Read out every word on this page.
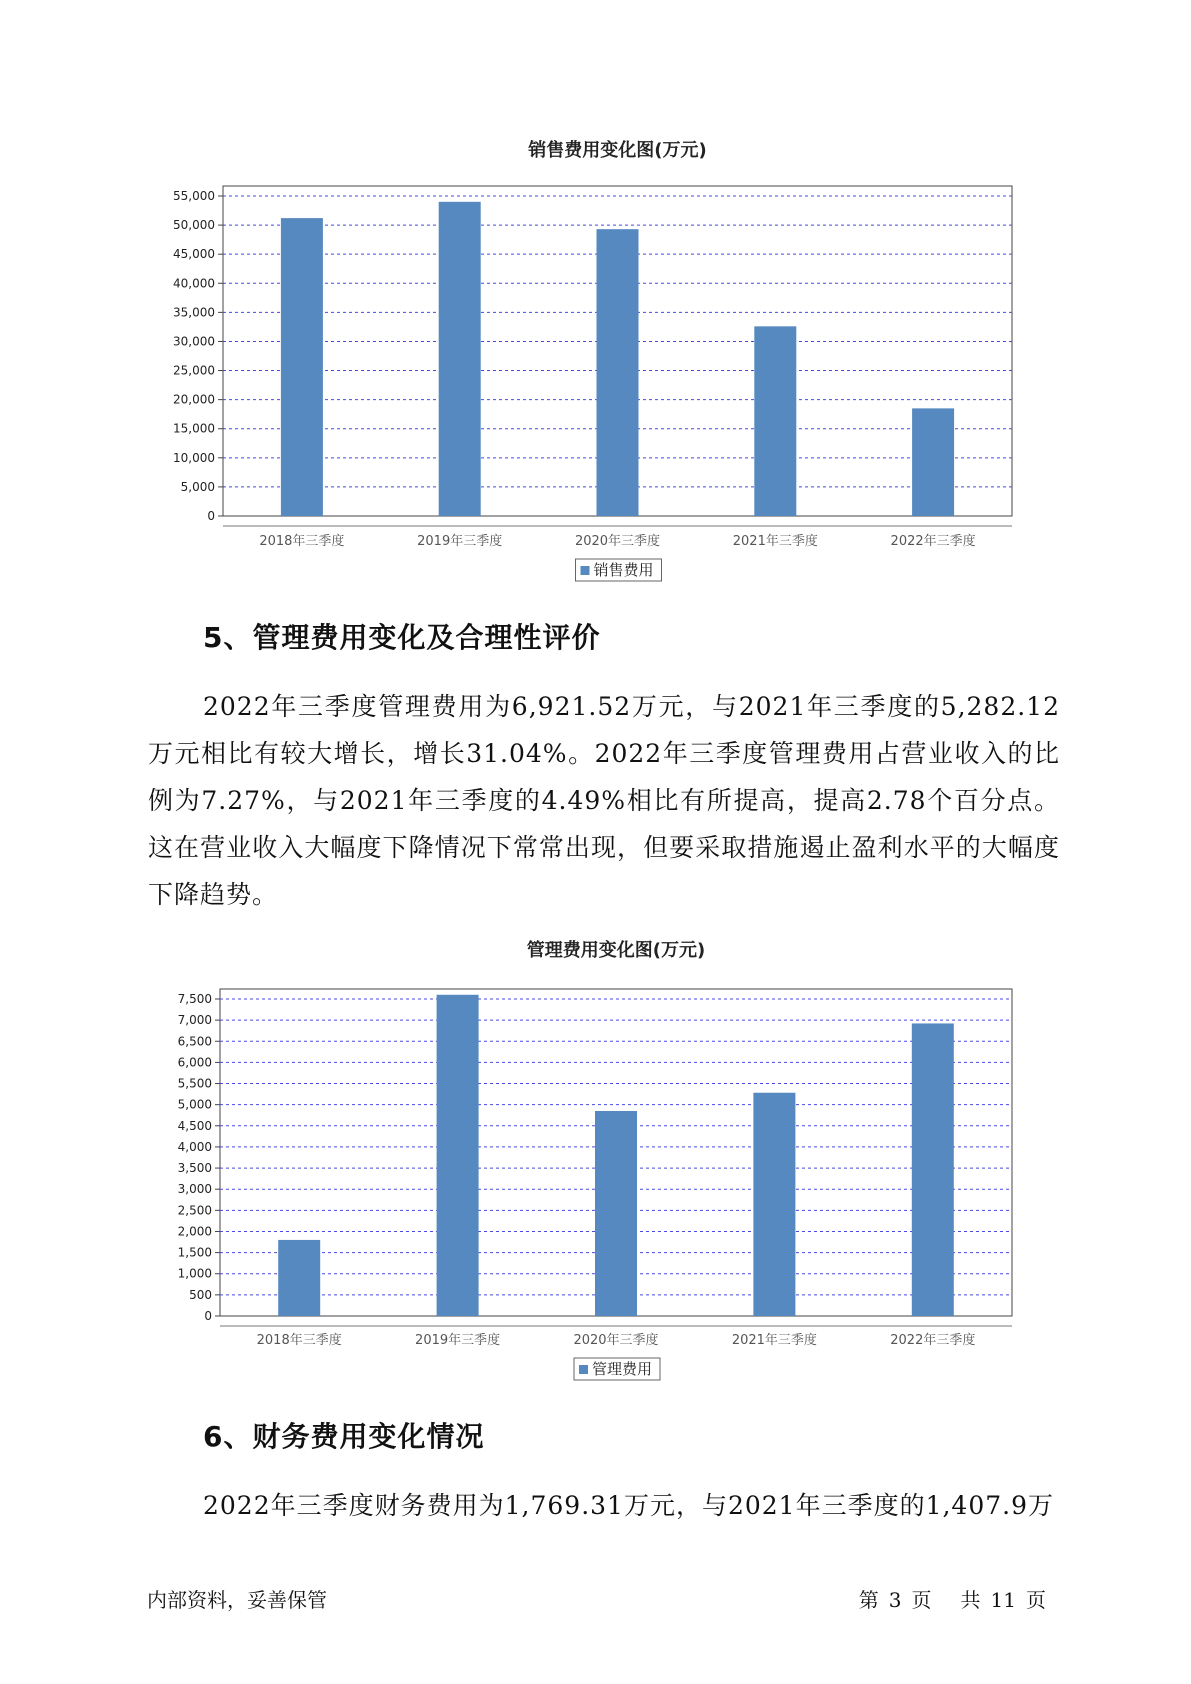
销售费用变化图(万元)
0
5,000
10,000
15,000
20,000
25,000
30,000
35,000
40,000
45,000
50,000
55,000
2018年三季度	2019年三季度	2020年三季度	2021年三季度	2022年三季度
销售费用
5、管理费用变化及合理性评价

2022年三季度管理费用为6,921.52万元，与2021年三季度的5,282.12万元相比有较大增长，增长31.04%。2022年三季度管理费用占营业收入的比例为7.27%，与2021年三季度的4.49%相比有所提高，提高2.78个百分点。这在营业收入大幅度下降情况下常常出现，但要采取措施遏止盈利水平的大幅度下降趋势。

管理费用变化图(万元)
0
500
1,000
1,500
2,000
2,500
3,000
3,500
4,000
4,500
5,000
5,500
6,000
6,500
7,000
7,500
2018年三季度	2019年三季度	2020年三季度	2021年三季度	2022年三季度
管理费用
6、财务费用变化情况

2022年三季度财务费用为1,769.31万元，与2021年三季度的1,407.9万

内部资料，妥善保管	第 3 页 共 11 页
